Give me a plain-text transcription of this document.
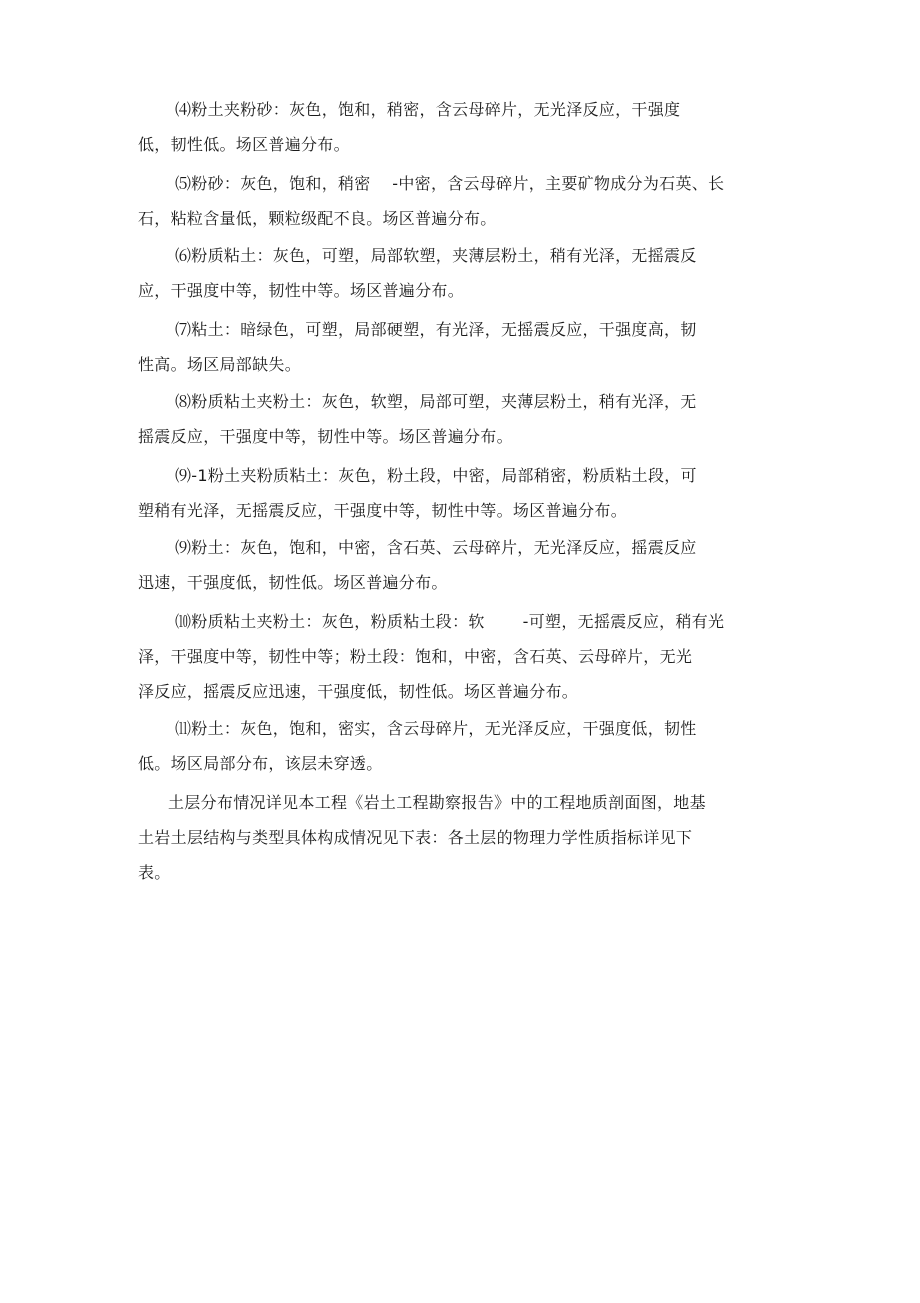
⑷粉土夹粉砂：灰色，饱和，稍密，含云母碎片，无光泽反应，干强度
低，韧性低。场区普遍分布。

⑸粉砂：灰色，饱和，稍密　 -中密，含云母碎片，主要矿物成分为石英、长
石，粘粒含量低，颗粒级配不良。场区普遍分布。

⑹粉质粘土：灰色，可塑，局部软塑，夹薄层粉土，稍有光泽，无摇震反
应，干强度中等，韧性中等。场区普遍分布。

⑺粘土：暗绿色，可塑，局部硬塑，有光泽，无摇震反应，干强度高，韧
性高。场区局部缺失。

⑻粉质粘土夹粉土：灰色，软塑，局部可塑，夹薄层粉土，稍有光泽，无
摇震反应，干强度中等，韧性中等。场区普遍分布。

⑼-1粉土夹粉质粘土：灰色，粉土段，中密，局部稍密，粉质粘土段，可
塑稍有光泽，无摇震反应，干强度中等，韧性中等。场区普遍分布。

⑼粉土：灰色，饱和，中密，含石英、云母碎片，无光泽反应，摇震反应
迅速，干强度低，韧性低。场区普遍分布。

⑽粉质粘土夹粉土：灰色，粉质粘土段：软　　 -可塑，无摇震反应，稍有光
泽，干强度中等，韧性中等；粉土段：饱和，中密，含石英、云母碎片，无光
泽反应，摇震反应迅速，干强度低，韧性低。场区普遍分布。

⑾粉土：灰色，饱和，密实，含云母碎片，无光泽反应，干强度低，韧性
低。场区局部分布，该层未穿透。

土层分布情况详见本工程《岩土工程勘察报告》中的工程地质剖面图，地基
土岩土层结构与类型具体构成情况见下表：各土层的物理力学性质指标详见下
表。
